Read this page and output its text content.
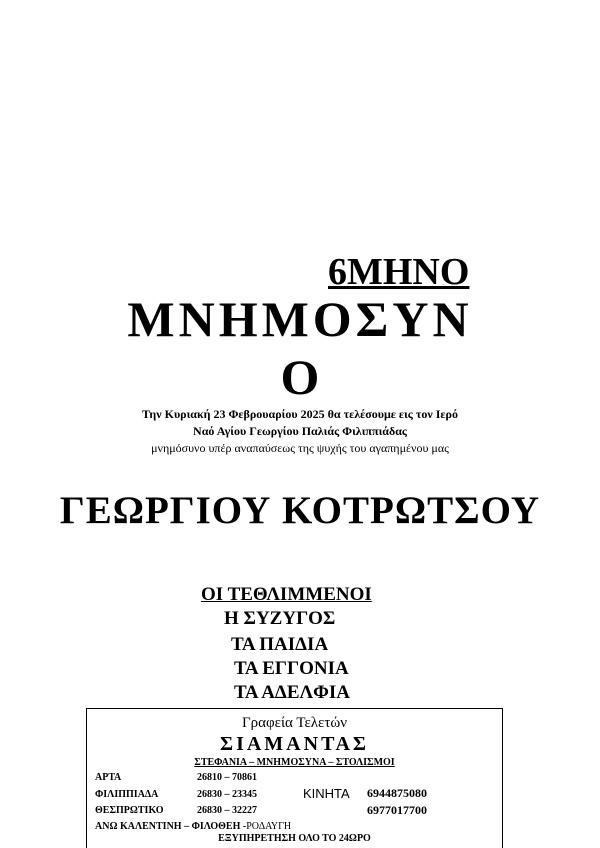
6ΜΗΝΟ
ΜΝΗΜΟΣΥΝ
Ο
Την Κυριακή 23 Φεβρουαρίου 2025 θα τελέσουμε εις τον Ιερό
Ναό Αγίου Γεωργίου Παλιάς Φιλιππιάδας
μνημόσυνο υπέρ αναπαύσεως της ψυχής του αγαπημένου μας
ΓΕΩΡΓΙΟΥ ΚΟΤΡΩΤΣΟΥ
ΟΙ ΤΕΘΛΙΜΜΕΝΟΙ
Η ΣΥΖΥΓΟΣ
ΤΑ ΠΑΙΔΙΑ
ΤΑ ΕΓΓΟΝΙΑ
ΤΑ ΑΔΕΛΦΙΑ
Γραφεία Τελετών
ΣΙΑΜΑΝΤΑΣ
ΣΤΕΦΑΝΙΑ – ΜΝΗΜΟΣΥΝΑ – ΣΤΟΛΙΣΜΟΙ
ΑΡΤΑ	26810 – 70861
ΦΙΛΙΠΠΙΑΔΑ	26830 – 23345
ΘΕΣΠΡΩΤΙΚΟ	26830 – 32227
ΚΙΝΗΤΑ 6944875080
6977017700
ΑΝΩ ΚΑΛΕΝΤΙΝΗ – ΦΙΛΟΘΕΗ -ΡΟΔΑΥΓΗ
ΕΞΥΠΗΡΕΤΗΣΗ ΟΛΟ ΤΟ 24ΩΡΟ
